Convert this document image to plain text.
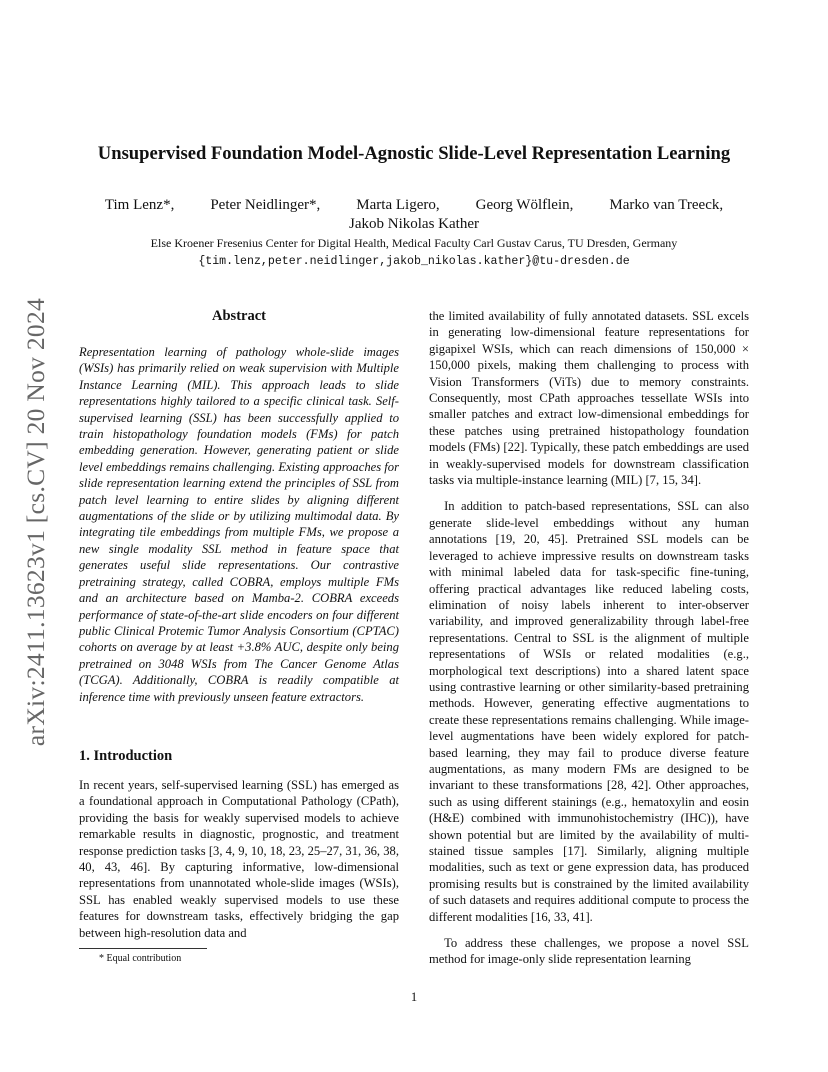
arXiv:2411.13623v1 [cs.CV] 20 Nov 2024
Unsupervised Foundation Model-Agnostic Slide-Level Representation Learning
Tim Lenz*, Peter Neidlinger*, Marta Ligero, Georg Wölflein, Marko van Treeck,
Jakob Nikolas Kather
Else Kroener Fresenius Center for Digital Health, Medical Faculty Carl Gustav Carus, TU Dresden, Germany
{tim.lenz,peter.neidlinger,jakob_nikolas.kather}@tu-dresden.de
Abstract

Representation learning of pathology whole-slide images (WSIs) has primarily relied on weak supervision with Multiple Instance Learning (MIL). This approach leads to slide representations highly tailored to a specific clinical task. Self-supervised learning (SSL) has been successfully applied to train histopathology foundation models (FMs) for patch embedding generation. However, generating patient or slide level embeddings remains challenging. Existing approaches for slide representation learning extend the principles of SSL from patch level learning to entire slides by aligning different augmentations of the slide or by utilizing multimodal data. By integrating tile embeddings from multiple FMs, we propose a new single modality SSL method in feature space that generates useful slide representations. Our contrastive pretraining strategy, called COBRA, employs multiple FMs and an architecture based on Mamba-2. COBRA exceeds performance of state-of-the-art slide encoders on four different public Clinical Protemic Tumor Analysis Consortium (CPTAC) cohorts on average by at least +3.8% AUC, despite only being pretrained on 3048 WSIs from The Cancer Genome Atlas (TCGA). Additionally, COBRA is readily compatible at inference time with previously unseen feature extractors.

1. Introduction

In recent years, self-supervised learning (SSL) has emerged as a foundational approach in Computational Pathology (CPath), providing the basis for weakly supervised models to achieve remarkable results in diagnostic, prognostic, and treatment response prediction tasks [3, 4, 9, 10, 18, 23, 25–27, 31, 36, 38, 40, 43, 46]. By capturing informative, low-dimensional representations from unannotated whole-slide images (WSIs), SSL has enabled weakly supervised models to use these features for downstream tasks, effectively bridging the gap between high-resolution data and

the limited availability of fully annotated datasets. SSL excels in generating low-dimensional feature representations for gigapixel WSIs, which can reach dimensions of 150,000 × 150,000 pixels, making them challenging to process with Vision Transformers (ViTs) due to memory constraints. Consequently, most CPath approaches tessellate WSIs into smaller patches and extract low-dimensional embeddings for these patches using pretrained histopathology foundation models (FMs) [22]. Typically, these patch embeddings are used in weakly-supervised models for downstream classification tasks via multiple-instance learning (MIL) [7, 15, 34].

In addition to patch-based representations, SSL can also generate slide-level embeddings without any human annotations [19, 20, 45]. Pretrained SSL models can be leveraged to achieve impressive results on downstream tasks with minimal labeled data for task-specific fine-tuning, offering practical advantages like reduced labeling costs, elimination of noisy labels inherent to inter-observer variability, and improved generalizability through label-free representations. Central to SSL is the alignment of multiple representations of WSIs or related modalities (e.g., morphological text descriptions) into a shared latent space using contrastive learning or other similarity-based pretraining methods. However, generating effective augmentations to create these representations remains challenging. While image-level augmentations have been widely explored for patch-based learning, they may fail to produce diverse feature augmentations, as many modern FMs are designed to be invariant to these transformations [28, 42]. Other approaches, such as using different stainings (e.g., hematoxylin and eosin (H&E) combined with immunohistochemistry (IHC)), have shown potential but are limited by the availability of multi-stained tissue samples [17]. Similarly, aligning multiple modalities, such as text or gene expression data, has produced promising results but is constrained by the limited availability of such datasets and requires additional compute to process the different modalities [16, 33, 41].

To address these challenges, we propose a novel SSL method for image-only slide representation learning

* Equal contribution
1
